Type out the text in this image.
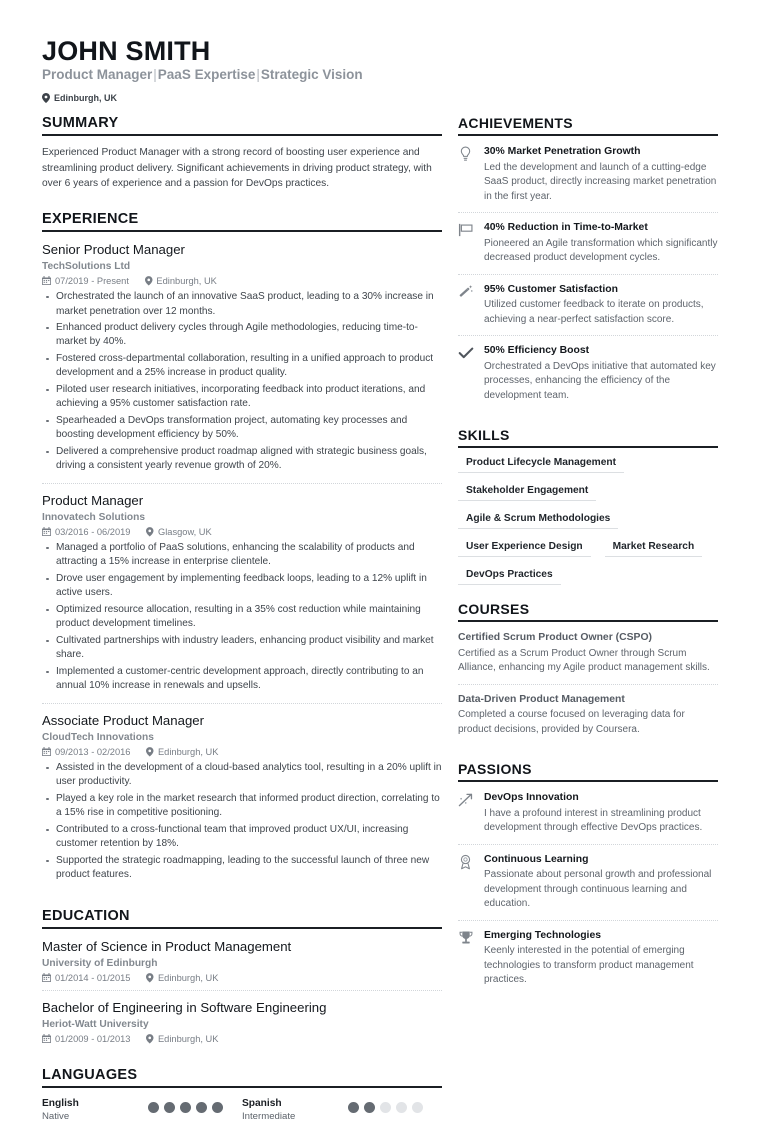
JOHN SMITH
Product Manager|PaaS Expertise|Strategic Vision
Edinburgh, UK
SUMMARY
Experienced Product Manager with a strong record of boosting user experience and streamlining product delivery. Significant achievements in driving product strategy, with over 6 years of experience and a passion for DevOps practices.
EXPERIENCE
Senior Product Manager
TechSolutions Ltd
07/2019 - Present	Edinburgh, UK
Orchestrated the launch of an innovative SaaS product, leading to a 30% increase in market penetration over 12 months.
Enhanced product delivery cycles through Agile methodologies, reducing time-to-market by 40%.
Fostered cross-departmental collaboration, resulting in a unified approach to product development and a 25% increase in product quality.
Piloted user research initiatives, incorporating feedback into product iterations, and achieving a 95% customer satisfaction rate.
Spearheaded a DevOps transformation project, automating key processes and boosting development efficiency by 50%.
Delivered a comprehensive product roadmap aligned with strategic business goals, driving a consistent yearly revenue growth of 20%.
Product Manager
Innovatech Solutions
03/2016 - 06/2019	Glasgow, UK
Managed a portfolio of PaaS solutions, enhancing the scalability of products and attracting a 15% increase in enterprise clientele.
Drove user engagement by implementing feedback loops, leading to a 12% uplift in active users.
Optimized resource allocation, resulting in a 35% cost reduction while maintaining product development timelines.
Cultivated partnerships with industry leaders, enhancing product visibility and market share.
Implemented a customer-centric development approach, directly contributing to an annual 10% increase in renewals and upsells.
Associate Product Manager
CloudTech Innovations
09/2013 - 02/2016	Edinburgh, UK
Assisted in the development of a cloud-based analytics tool, resulting in a 20% uplift in user productivity.
Played a key role in the market research that informed product direction, correlating to a 15% rise in competitive positioning.
Contributed to a cross-functional team that improved product UX/UI, increasing customer retention by 18%.
Supported the strategic roadmapping, leading to the successful launch of three new product features.
EDUCATION
Master of Science in Product Management
University of Edinburgh
01/2014 - 01/2015	Edinburgh, UK
Bachelor of Engineering in Software Engineering
Heriot-Watt University
01/2009 - 01/2013	Edinburgh, UK
LANGUAGES
English
Native
Spanish
Intermediate
ACHIEVEMENTS
30% Market Penetration Growth
Led the development and launch of a cutting-edge SaaS product, directly increasing market penetration in the first year.
40% Reduction in Time-to-Market
Pioneered an Agile transformation which significantly decreased product development cycles.
95% Customer Satisfaction
Utilized customer feedback to iterate on products, achieving a near-perfect satisfaction score.
50% Efficiency Boost
Orchestrated a DevOps initiative that automated key processes, enhancing the efficiency of the development team.
SKILLS
Product Lifecycle Management
Stakeholder Engagement
Agile & Scrum Methodologies
User Experience Design	Market Research
DevOps Practices
COURSES
Certified Scrum Product Owner (CSPO)
Certified as a Scrum Product Owner through Scrum Alliance, enhancing my Agile product management skills.
Data-Driven Product Management
Completed a course focused on leveraging data for product decisions, provided by Coursera.
PASSIONS
DevOps Innovation
I have a profound interest in streamlining product development through effective DevOps practices.
Continuous Learning
Passionate about personal growth and professional development through continuous learning and education.
Emerging Technologies
Keenly interested in the potential of emerging technologies to transform product management practices.
